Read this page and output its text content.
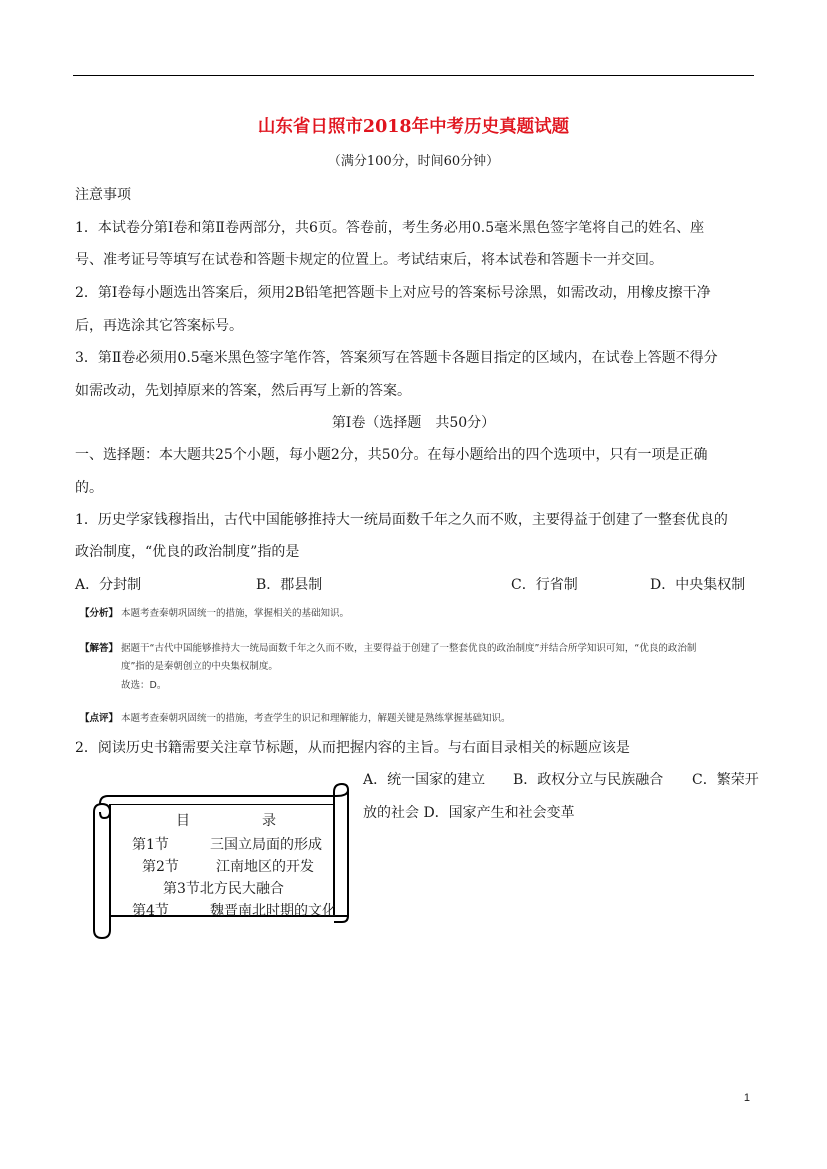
山东省日照市2018年中考历史真题试题
（满分100分，时间60分钟）
注意事项
1．本试卷分第Ⅰ卷和第Ⅱ卷两部分，共6页。答卷前，考生务必用0.5毫米黑色签字笔将自己的姓名、座
号、准考证号等填写在试卷和答题卡规定的位置上。考试结束后，将本试卷和答题卡一并交回。
2．第Ⅰ卷每小题选出答案后，须用2B铅笔把答题卡上对应号的答案标号涂黑，如需改动，用橡皮擦干净
后，再选涂其它答案标号。
3．第Ⅱ卷必须用0.5毫米黑色签字笔作答，答案须写在答题卡各题目指定的区域内，在试卷上答题不得分
如需改动，先划掉原来的答案，然后再写上新的答案。
第Ⅰ卷（选择题　共50分）
一、选择题：本大题共25个小题，每小题2分，共50分。在每小题给出的四个选项中，只有一项是正确
的。
1．历史学家钱穆指出，古代中国能够推持大一统局面数千年之久而不败，主要得益于创建了一整套优良的
政治制度，“优良的政治制度”指的是
A．分封制	B．郡县制	C．行省制	D．中央集权制
【分析】 本题考查秦朝巩固统一的措施，掌握相关的基础知识。
【解答】 据题干“古代中国能够推持大一统局面数千年之久而不败，主要得益于创建了一整套优良的政治制度”并结合所学知识可知，“优良的政治制
度”指的是秦朝创立的中央集权制度。
故选：D。
【点评】 本题考查秦朝巩固统一的措施，考查学生的识记和理解能力，解题关键是熟练掌握基础知识。
2．阅读历史书籍需要关注章节标题，从而把握内容的主旨。与右面目录相关的标题应该是
A．统一国家的建立 B．政权分立与民族融合 C．繁荣开
放的社会 D．国家产生和社会变革
目	录
第1节	三国立局面的形成
第2节	江南地区的开发
第3节北方民大融合
第4节	魏晋南北时期的文化
1
